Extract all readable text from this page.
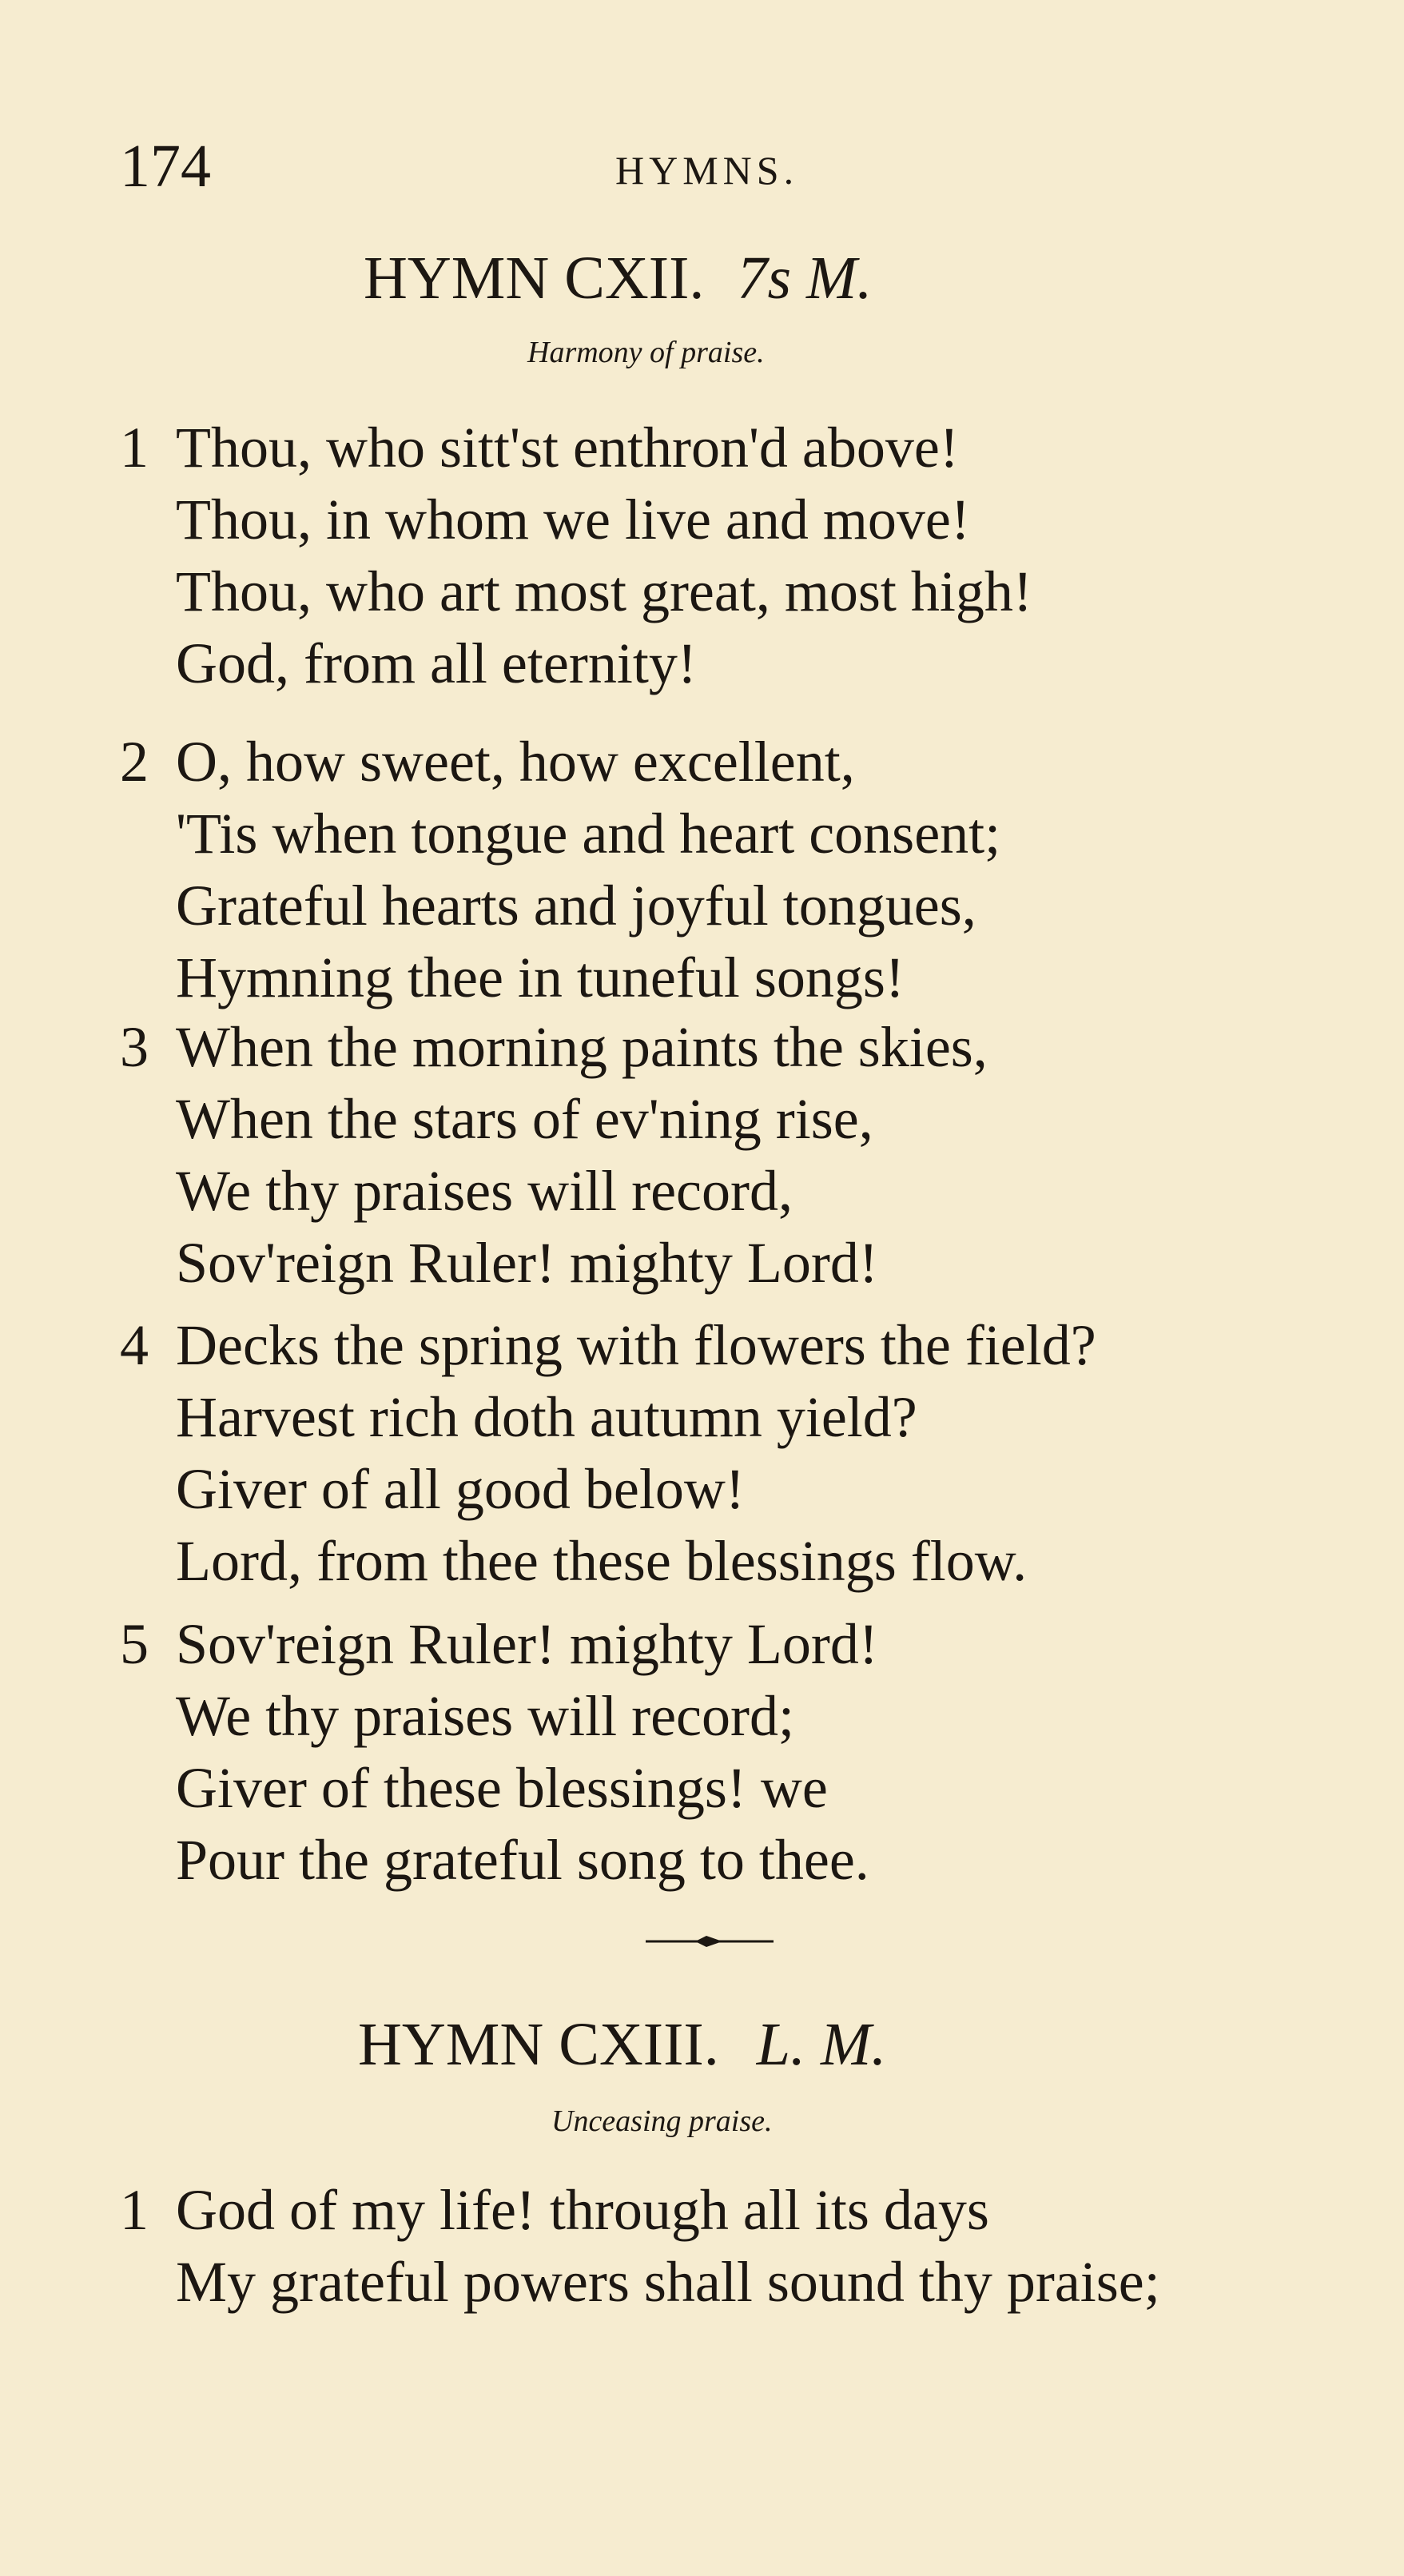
174	HYMNS.
HYMN CXII. 7s M.
Harmony of praise.
1 Thou, who sitt'st enthron'd above!
Thou, in whom we live and move!
Thou, who art most great, most high!
God, from all eternity!
2 O, how sweet, how excellent,
'Tis when tongue and heart consent;
Grateful hearts and joyful tongues,
Hymning thee in tuneful songs!
3 When the morning paints the skies,
When the stars of ev'ning rise,
We thy praises will record,
Sov'reign Ruler! mighty Lord!
4 Decks the spring with flowers the field?
Harvest rich doth autumn yield?
Giver of all good below!
Lord, from thee these blessings flow.
5 Sov'reign Ruler! mighty Lord!
We thy praises will record;
Giver of these blessings! we
Pour the grateful song to thee.
HYMN CXIII. L. M.
Unceasing praise.
1 God of my life! through all its days
My grateful powers shall sound thy praise;
